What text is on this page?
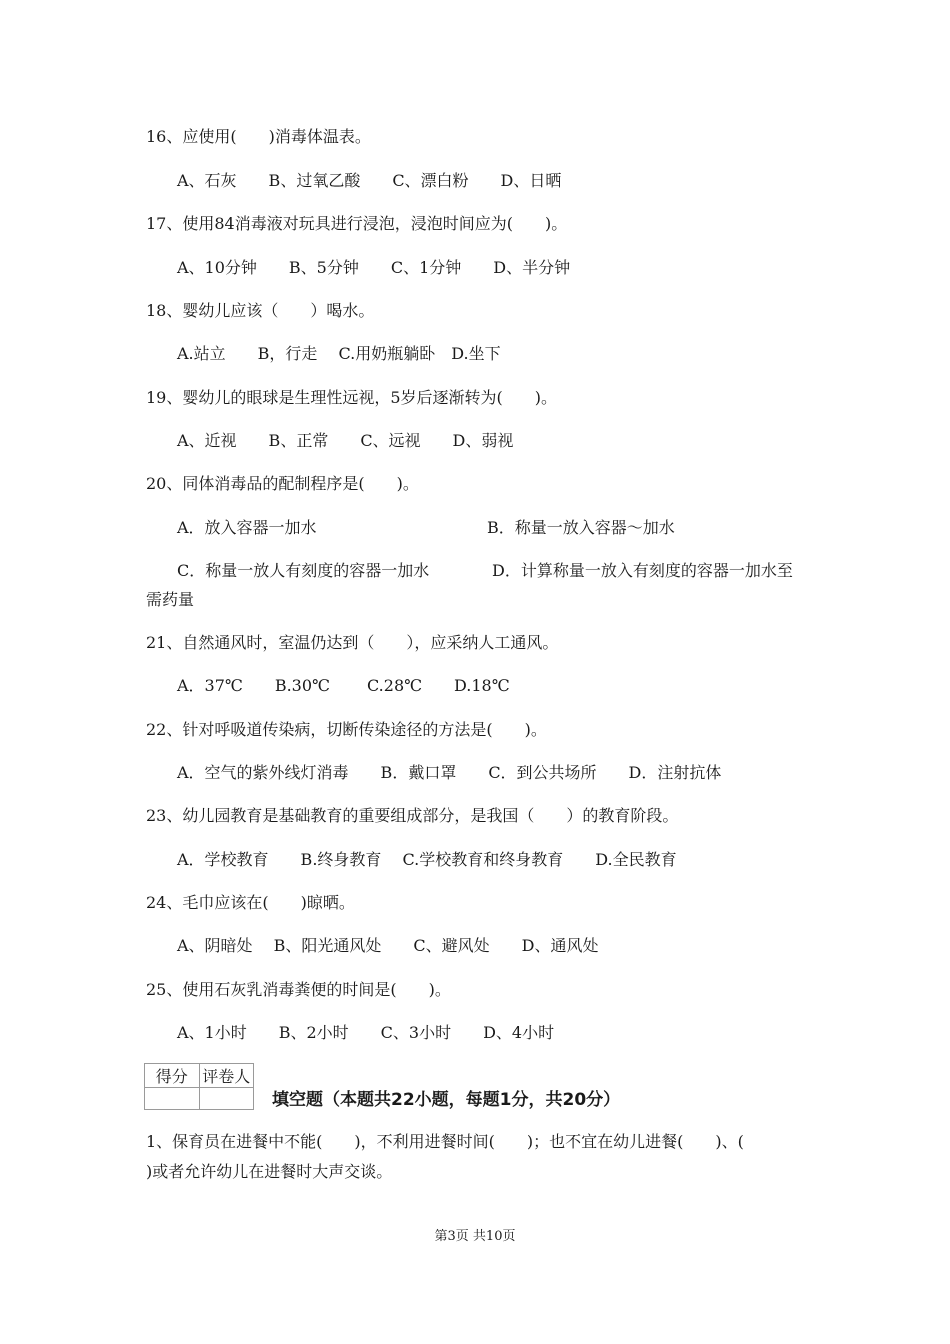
16、应使用(　　)消毒体温表。
A、石灰　　B、过氧乙酸　　C、漂白粉　　D、日晒
17、使用84消毒液对玩具进行浸泡，浸泡时间应为(　　)。
A、10分钟　　B、5分钟　　C、1分钟　　D、半分钟
18、婴幼儿应该（　　）喝水。
A.站立　　B，行走　 C.用奶瓶躺卧　D.坐下
19、婴幼儿的眼球是生理性远视，5岁后逐渐转为(　　)。
A、近视　　B、正常　　C、远视　　D、弱视
20、同体消毒品的配制程序是(　　)。
A．放入容器一加水	B．称量一放入容器～加水
C．称量一放人有刻度的容器一加水	D．计算称量一放入有刻度的容器一加水至
需药量
21、自然通风时，室温仍达到（　　），应采纳人工通风。
A．37℃　　B.30℃　　 C.28℃　　D.18℃
22、针对呼吸道传染病，切断传染途径的方法是(　　)。
A．空气的紫外线灯消毒　　B．戴口罩　　C．到公共场所　　D．注射抗体
23、幼儿园教育是基础教育的重要组成部分，是我国（　　）的教育阶段。
A．学校教育　　B.终身教育　 C.学校教育和终身教育　　D.全民教育
24、毛巾应该在(　　)晾晒。
A、阴暗处　 B、阳光通风处　　C、避风处　　D、通风处
25、使用石灰乳消毒粪便的时间是(　　)。
A、1小时　　B、2小时　　C、3小时　　D、4小时
得分	评卷人

填空题（本题共22小题，每题1分，共20分）
1、保育员在进餐中不能(　　)，不利用进餐时间(　　)；也不宜在幼儿进餐(　　)、(
)或者允许幼儿在进餐时大声交谈。
第3页 共10页
